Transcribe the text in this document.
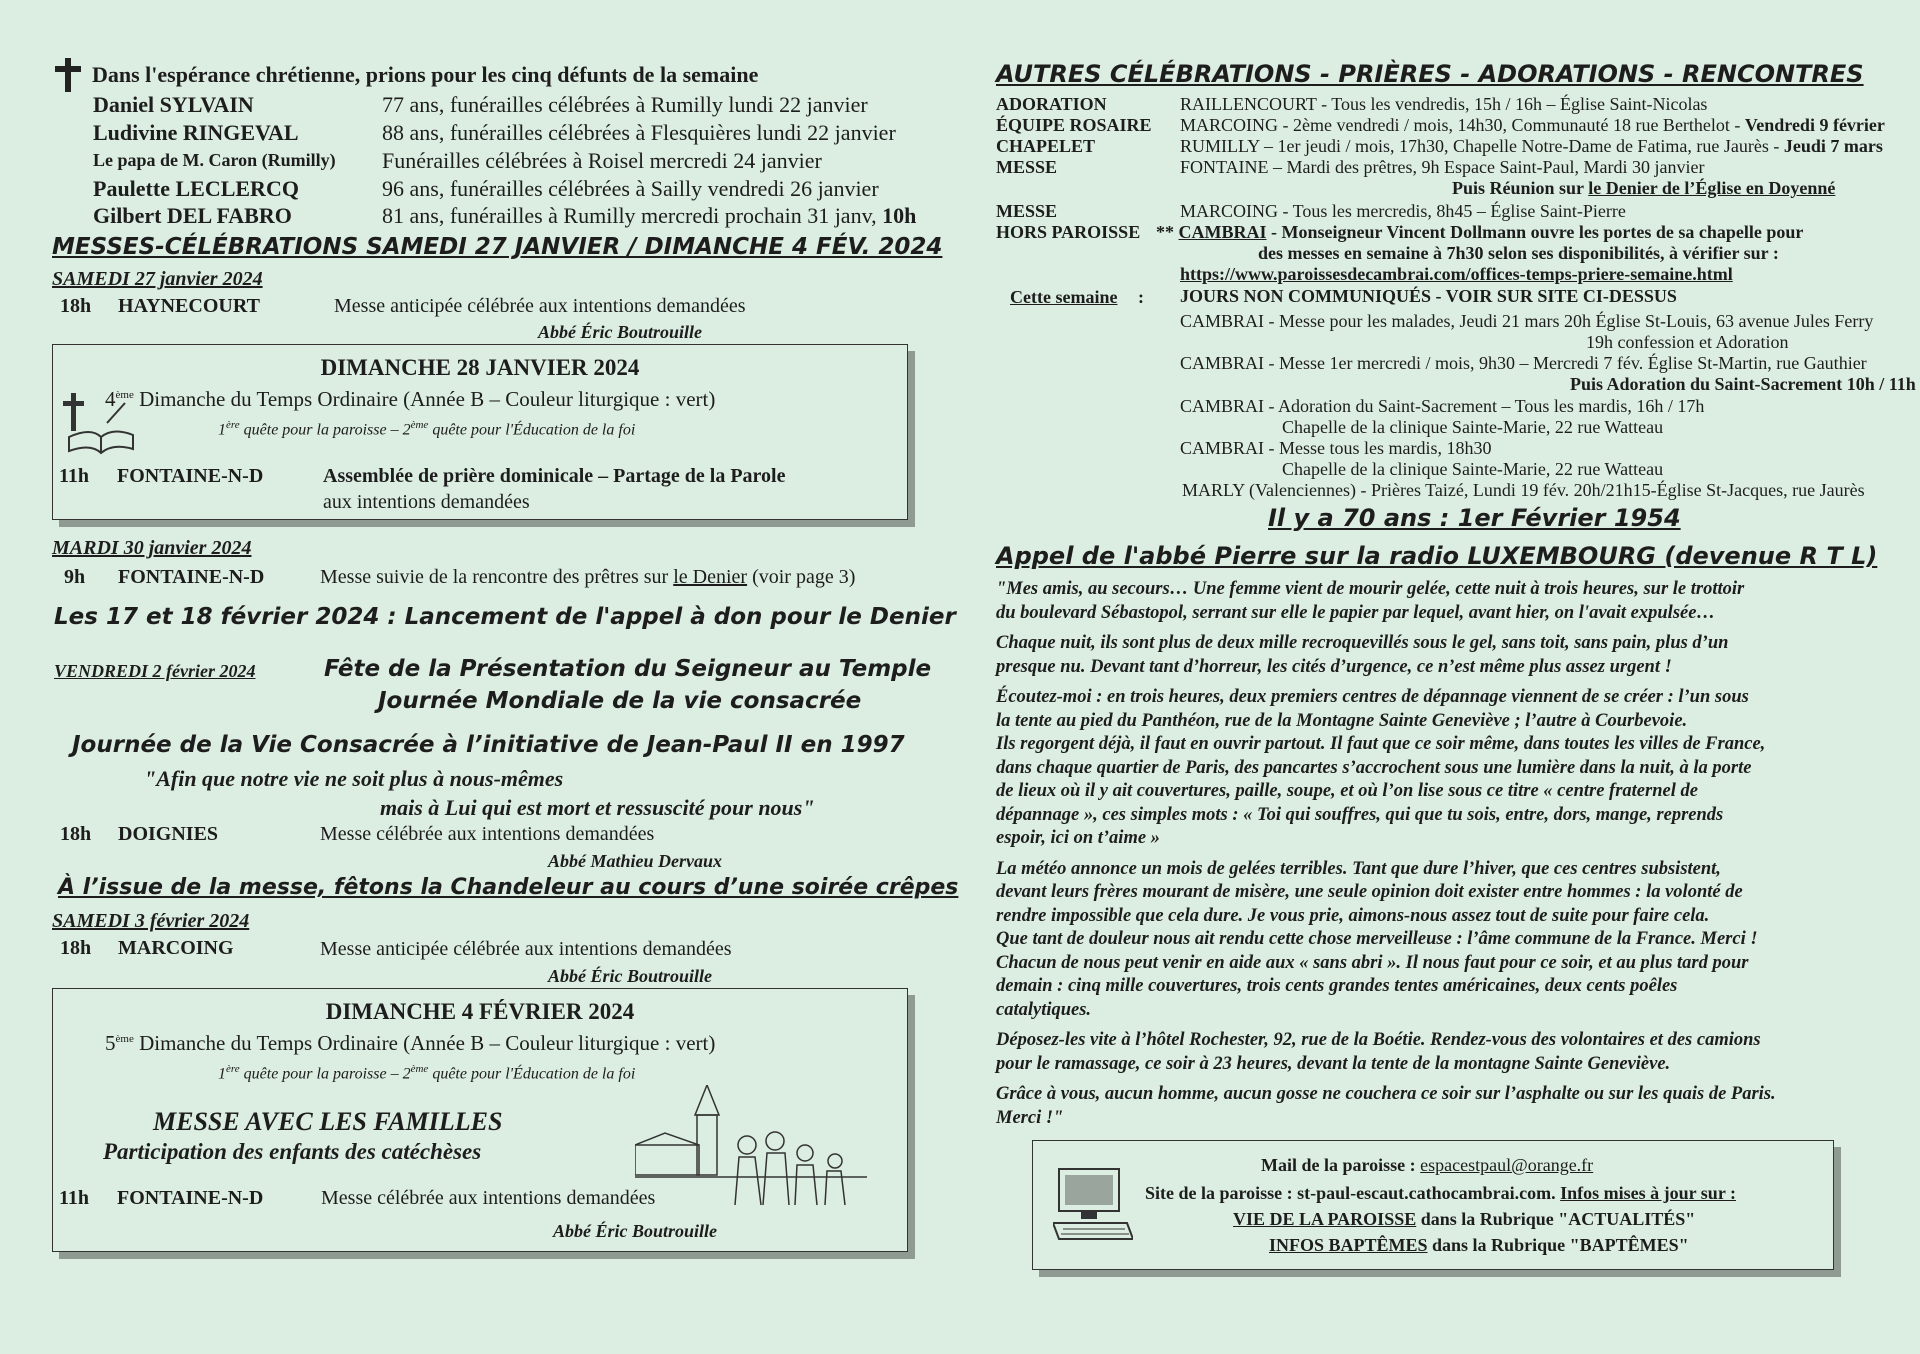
Dans l'espérance chrétienne, prions pour les cinq défunts de la semaine
Daniel SYLVAIN	77 ans, funérailles célébrées à Rumilly lundi 22 janvier
Ludivine RINGEVAL	88 ans, funérailles célébrées à Flesquières lundi 22 janvier
Le papa de M. Caron (Rumilly) Funérailles célébrées à Roisel mercredi 24 janvier
Paulette LECLERCQ	96 ans, funérailles célébrées à Sailly vendredi 26 janvier
Gilbert DEL FABRO	81 ans, funérailles à Rumilly mercredi prochain 31 janv, 10h
MESSES-CÉLÉBRATIONS SAMEDI 27 JANVIER / DIMANCHE 4 FÉV. 2024
SAMEDI 27 janvier 2024
18h HAYNECOURT	Messe anticipée célébrée aux intentions demandées
Abbé Éric Boutrouille
DIMANCHE 28 JANVIER 2024
4ème Dimanche du Temps Ordinaire (Année B – Couleur liturgique : vert)
1ère quête pour la paroisse – 2ème quête pour l'Éducation de la foi
11h FONTAINE-N-D	Assemblée de prière dominicale – Partage de la Parole
aux intentions demandées
MARDI 30 janvier 2024
9h FONTAINE-N-D	Messe suivie de la rencontre des prêtres sur le Denier (voir page 3)
Les 17 et 18 février 2024 : Lancement de l'appel à don pour le Denier
VENDREDI 2 février 2024	Fête de la Présentation du Seigneur au Temple
Journée Mondiale de la vie consacrée
Journée de la Vie Consacrée à l’initiative de Jean-Paul II en 1997
"Afin que notre vie ne soit plus à nous-mêmes
mais à Lui qui est mort et ressuscité pour nous"
18h DOIGNIES	Messe célébrée aux intentions demandées
Abbé Mathieu Dervaux
À l’issue de la messe, fêtons la Chandeleur au cours d’une soirée crêpes
SAMEDI 3 février 2024
18h MARCOING	Messe anticipée célébrée aux intentions demandées
Abbé Éric Boutrouille
DIMANCHE 4 FÉVRIER 2024
5ème Dimanche du Temps Ordinaire (Année B – Couleur liturgique : vert)
1ère quête pour la paroisse – 2ème quête pour l'Éducation de la foi
MESSE AVEC LES FAMILLES
Participation des enfants des catéchèses
11h FONTAINE-N-D	Messe célébrée aux intentions demandées
Abbé Éric Boutrouille
AUTRES CÉLÉBRATIONS - PRIÈRES - ADORATIONS - RENCONTRES
ADORATION	RAILLENCOURT - Tous les vendredis, 15h / 16h – Église Saint-Nicolas
ÉQUIPE ROSAIRE MARCOING - 2ème vendredi / mois, 14h30, Communauté 18 rue Berthelot - Vendredi 9 février
CHAPELET	RUMILLY – 1er jeudi / mois, 17h30, Chapelle Notre-Dame de Fatima, rue Jaurès - Jeudi 7 mars
MESSE	FONTAINE – Mardi des prêtres, 9h Espace Saint-Paul, Mardi 30 janvier
Puis Réunion sur le Denier de l’Église en Doyenné
MESSE	MARCOING - Tous les mercredis, 8h45 – Église Saint-Pierre
HORS PAROISSE ** CAMBRAI - Monseigneur Vincent Dollmann ouvre les portes de sa chapelle pour
des messes en semaine à 7h30 selon ses disponibilités, à vérifier sur :
https://www.paroissesdecambrai.com/offices-temps-priere-semaine.html
Cette semaine : JOURS NON COMMUNIQUÉS - VOIR SUR SITE CI-DESSUS
CAMBRAI - Messe pour les malades, Jeudi 21 mars 20h Église St-Louis, 63 avenue Jules Ferry
19h confession et Adoration
CAMBRAI - Messe 1er mercredi / mois, 9h30 – Mercredi 7 fév. Église St-Martin, rue Gauthier
Puis Adoration du Saint-Sacrement 10h / 11h
CAMBRAI - Adoration du Saint-Sacrement – Tous les mardis, 16h / 17h
Chapelle de la clinique Sainte-Marie, 22 rue Watteau
CAMBRAI - Messe tous les mardis, 18h30
Chapelle de la clinique Sainte-Marie, 22 rue Watteau
MARLY (Valenciennes) - Prières Taizé, Lundi 19 fév. 20h/21h15-Église St-Jacques, rue Jaurès
Il y a 70 ans : 1er Février 1954
Appel de l'abbé Pierre sur la radio LUXEMBOURG (devenue R T L)
"Mes amis, au secours… Une femme vient de mourir gelée, cette nuit à trois heures, sur le trottoir
du boulevard Sébastopol, serrant sur elle le papier par lequel, avant hier, on l'avait expulsée…
Chaque nuit, ils sont plus de deux mille recroquevillés sous le gel, sans toit, sans pain, plus d’un
presque nu. Devant tant d’horreur, les cités d’urgence, ce n’est même plus assez urgent !
Écoutez-moi : en trois heures, deux premiers centres de dépannage viennent de se créer : l’un sous
la tente au pied du Panthéon, rue de la Montagne Sainte Geneviève ; l’autre à Courbevoie.
Ils regorgent déjà, il faut en ouvrir partout. Il faut que ce soir même, dans toutes les villes de France,
dans chaque quartier de Paris, des pancartes s’accrochent sous une lumière dans la nuit, à la porte
de lieux où il y ait couvertures, paille, soupe, et où l’on lise sous ce titre « centre fraternel de
dépannage », ces simples mots : « Toi qui souffres, qui que tu sois, entre, dors, mange, reprends
espoir, ici on t’aime »
La météo annonce un mois de gelées terribles. Tant que dure l’hiver, que ces centres subsistent,
devant leurs frères mourant de misère, une seule opinion doit exister entre hommes : la volonté de
rendre impossible que cela dure. Je vous prie, aimons-nous assez tout de suite pour faire cela.
Que tant de douleur nous ait rendu cette chose merveilleuse : l’âme commune de la France. Merci !
Chacun de nous peut venir en aide aux « sans abri ». Il nous faut pour ce soir, et au plus tard pour
demain : cinq mille couvertures, trois cents grandes tentes américaines, deux cents poêles
catalytiques.
Déposez-les vite à l’hôtel Rochester, 92, rue de la Boétie. Rendez-vous des volontaires et des camions
pour le ramassage, ce soir à 23 heures, devant la tente de la montagne Sainte Geneviève.
Grâce à vous, aucun homme, aucun gosse ne couchera ce soir sur l’asphalte ou sur les quais de Paris.
Merci !"
Mail de la paroisse : espacestpaul@orange.fr
Site de la paroisse : st-paul-escaut.cathocambrai.com. Infos mises à jour sur :
VIE DE LA PAROISSE dans la Rubrique "ACTUALITÉS"
INFOS BAPTÊMES dans la Rubrique "BAPTÊMES"
